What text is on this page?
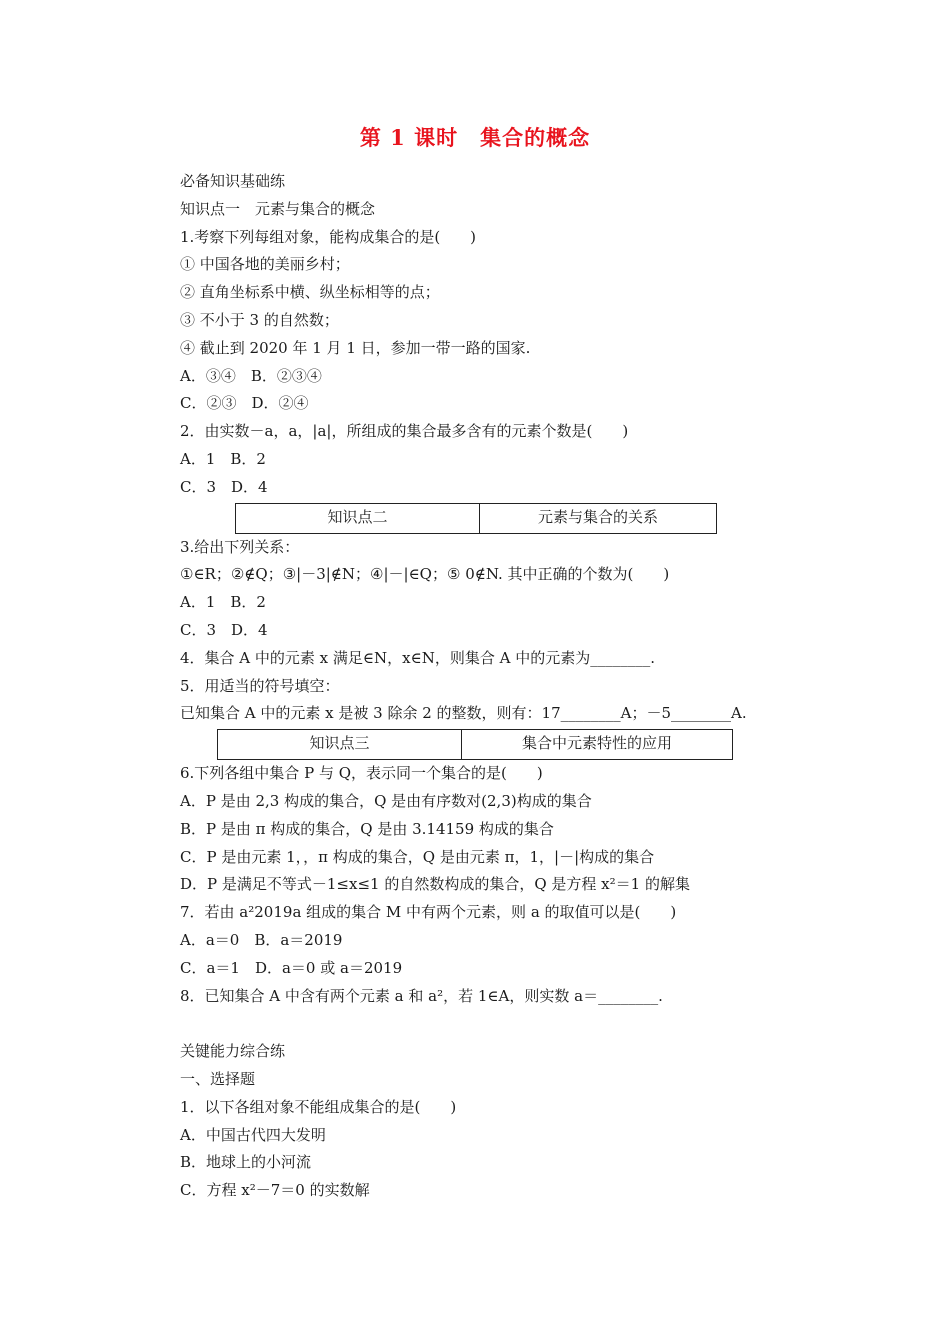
第 1 课时　集合的概念
必备知识基础练
知识点一　元素与集合的概念
1.考察下列每组对象，能构成集合的是(　　)
① 中国各地的美丽乡村；
② 直角坐标系中横、纵坐标相等的点；
③ 不小于 3 的自然数；
④ 截止到 2020 年 1 月 1 日，参加一带一路的国家.
A．③④　B．②③④
C．②③　D．②④
2．由实数－a，a，|a|，所组成的集合最多含有的元素个数是(　　)
A．1　B．2
C．3　D．4
知识点二	元素与集合的关系
3.给出下列关系：
①∈R；②∉Q；③|－3|∉N；④|－|∈Q；⑤ 0∉N. 其中正确的个数为(　　)
A．1　B．2
C．3　D．4
4．集合 A 中的元素 x 满足∈N，x∈N，则集合 A 中的元素为________.
5．用适当的符号填空：
已知集合 A 中的元素 x 是被 3 除余 2 的整数，则有：17________A；－5________A.
知识点三	集合中元素特性的应用
6.下列各组中集合 P 与 Q，表示同一个集合的是(　　)
A．P 是由 2,3 构成的集合，Q 是由有序数对(2,3)构成的集合
B．P 是由 π 构成的集合，Q 是由 3.14159 构成的集合
C．P 是由元素 1，，π 构成的集合，Q 是由元素 π，1，|－|构成的集合
D．P 是满足不等式－1≤x≤1 的自然数构成的集合，Q 是方程 x²＝1 的解集
7．若由 a²2019a 组成的集合 M 中有两个元素，则 a 的取值可以是(　　)
A．a＝0　B．a＝2019
C．a＝1　D．a＝0 或 a＝2019
8．已知集合 A 中含有两个元素 a 和 a²，若 1∈A，则实数 a＝________.
关键能力综合练
一、选择题
1．以下各组对象不能组成集合的是(　　)
A．中国古代四大发明
B．地球上的小河流
C．方程 x²－7＝0 的实数解
